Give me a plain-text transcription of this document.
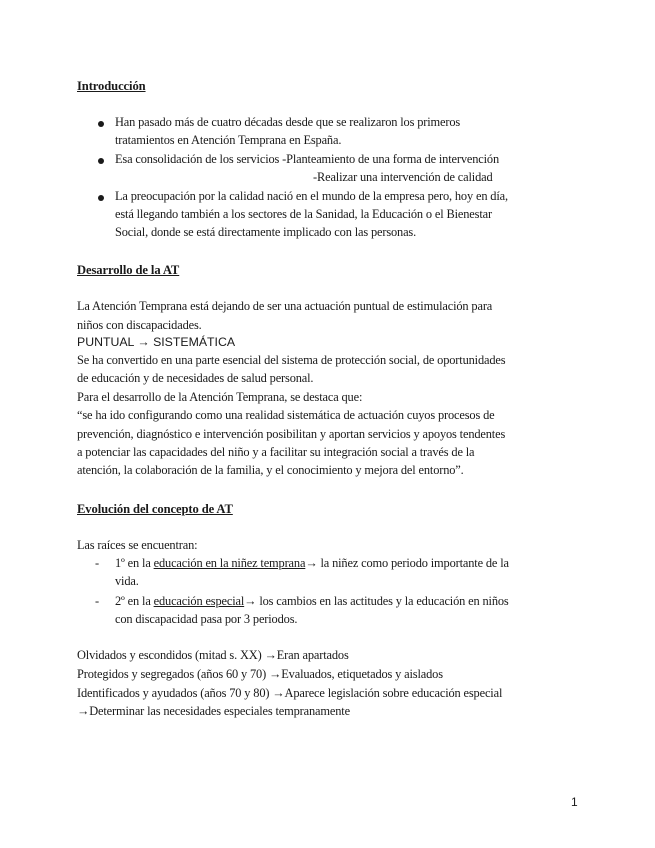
Introducción
Han pasado más de cuatro décadas desde que se realizaron los primeros
tratamientos en Atención Temprana en España.
Esa consolidación de los servicios -Planteamiento de una forma de intervención
-Realizar una intervención de calidad
La preocupación por la calidad nació en el mundo de la empresa pero, hoy en día,
está llegando también a los sectores de la Sanidad, la Educación o el Bienestar
Social, donde se está directamente implicado con las personas.
Desarrollo de la AT
La Atención Temprana está dejando de ser una actuación puntual de estimulación para
niños con discapacidades.
PUNTUAL → SISTEMÁTICA
Se ha convertido en una parte esencial del sistema de protección social, de oportunidades
de educación y de necesidades de salud personal.
Para el desarrollo de la Atención Temprana, se destaca que:
“se ha ido configurando como una realidad sistemática de actuación cuyos procesos de
prevención, diagnóstico e intervención posibilitan y aportan servicios y apoyos tendentes
a potenciar las capacidades del niño y a facilitar su integración social a través de la
atención, la colaboración de la familia, y el conocimiento y mejora del entorno”.
Evolución del concepto de AT
Las raíces se encuentran:
- 1º en la educación en la niñez temprana→ la niñez como periodo importante de la
vida.
- 2º en la educación especial→ los cambios en las actitudes y la educación en niños
con discapacidad pasa por 3 periodos.
Olvidados y escondidos (mitad s. XX) →Eran apartados
Protegidos y segregados (años 60 y 70) →Evaluados, etiquetados y aislados
Identificados y ayudados (años 70 y 80) →Aparece legislación sobre educación especial
→Determinar las necesidades especiales tempranamente
1
